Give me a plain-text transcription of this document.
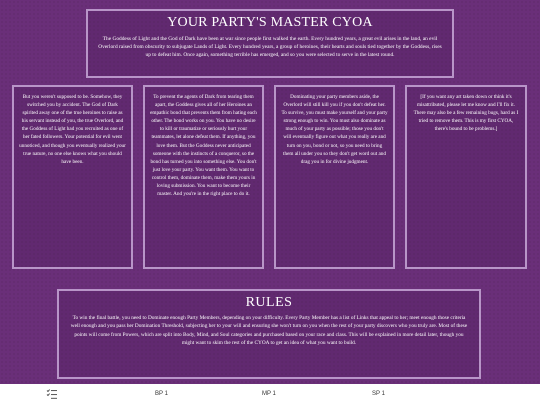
YOUR PARTY'S MASTER CYOA

The Goddess of Light and the God of Dark have been at war since people first walked the earth. Every hundred years, a great evil arises in the land, an evil Overlord raised from obscurity to subjugate Lands of Light. Every hundred years, a group of heroines, their hearts and souls tied together by the Goddess, rises up to defeat him. Once again, something terrible has emerged, and so you were selected to serve in the latest round.

But you weren't supposed to be. Somehow, they switched you by accident. The God of Dark spirited away one of the true heroines to raise as his servant instead of you, the true Overlord, and the Goddess of Light had you recruited as one of her fated followers. Your potential for evil went unnoticed, and though you eventually realized your true nature, no one else knows what you should have been.

To prevent the agents of Dark from tearing them apart, the Goddess gives all of her Heroines an empathic bond that prevents them from hating each other. The bond works on you. You have no desire to kill or traumatize or seriously hurt your teammates, let alone defeat them. If anything, you love them. But the Goddess never anticipated someone with the instincts of a conqueror, so the bond has turned you into something else. You don't just love your party. You want them. You want to control them, dominate them, make them yours in loving submission. You want to become their master. And you're in the right place to do it.

Dominating your party members aside, the Overlord will still kill you if you don't defeat her. To survive, you must make yourself and your party strong enough to win. You must also dominate as much of your party as possible; those you don't will eventually figure out what you really are and turn on you, bond or not, so you need to bring them all under you so they don't get word out and drag you in for divine judgment.

[If you want any art taken down or think it's misattributed, please let me know and I'll fix it. There may also be a few remaining bugs, hard as I tried to remove them. This is my first CYOA, there's bound to be problems.]

RULES

To win the final battle, you need to Dominate enough Party Members, depending on your difficulty. Every Party Member has a list of Links that appeal to her; meet enough those criteria well enough and you pass her Domination Threshold, subjecting her to your will and ensuring she won't turn on you when the rest of your party discovers who you truly are. Most of these points will come from Powers, which are split into Body, Mind, and Soul categories and purchased based on your race and class. This will be explained in more detail later, though you might want to skim the rest of the CYOA to get an idea of what you want to build.

BP 1	MP 1	SP 1
